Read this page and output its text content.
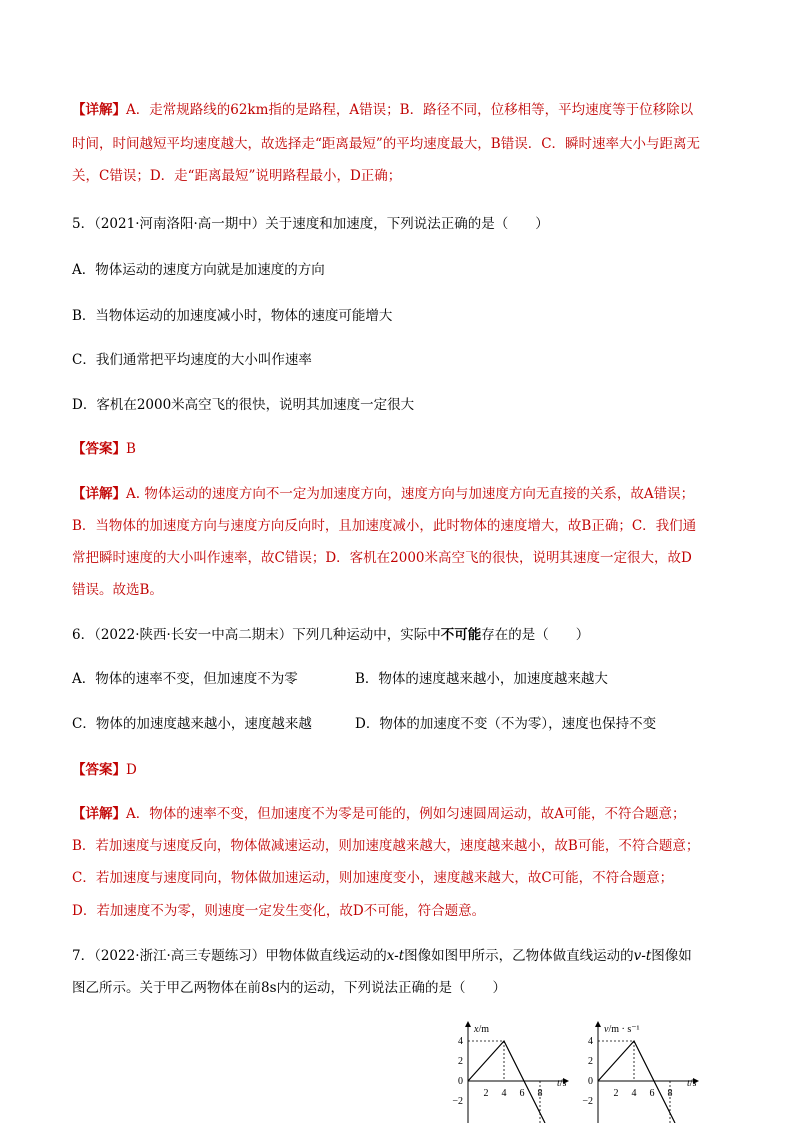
【详解】A．走常规路线的62km指的是路程，A错误；B．路径不同，位移相等，平均速度等于位移除以
时间，时间越短平均速度越大，故选择走“距离最短”的平均速度最大，B错误．C．瞬时速率大小与距离无
关，C错误；D．走“距离最短”说明路程最小，D正确；
5．（2021·河南洛阳·高一期中）关于速度和加速度，下列说法正确的是（　　）
A．物体运动的速度方向就是加速度的方向
B．当物体运动的加速度减小时，物体的速度可能增大
C．我们通常把平均速度的大小叫作速率
D．客机在2000米高空飞的很快，说明其加速度一定很大
【答案】B
【详解】A. 物体运动的速度方向不一定为加速度方向，速度方向与加速度方向无直接的关系，故A错误；
B．当物体的加速度方向与速度方向反向时，且加速度减小，此时物体的速度增大，故B正确；C．我们通
常把瞬时速度的大小叫作速率，故C错误；D．客机在2000米高空飞的很快，说明其速度一定很大，故D
错误。故选B。
6．（2022·陕西·长安一中高二期末）下列几种运动中，实际中不可能存在的是（　　）
A．物体的速率不变，但加速度不为零	B．物体的速度越来越小，加速度越来越大
C．物体的加速度越来越小，速度越来越	D．物体的加速度不变（不为零），速度也保持不变
【答案】D
【详解】A．物体的速率不变，但加速度不为零是可能的，例如匀速圆周运动，故A可能，不符合题意；
B．若加速度与速度反向，物体做减速运动，则加速度越来越大，速度越来越小，故B可能，不符合题意；
C．若加速度与速度同向，物体做加速运动，则加速度变小，速度越来越大，故C可能，不符合题意；
D．若加速度不为零，则速度一定发生变化，故D不可能，符合题意。
7．（2022·浙江·高三专题练习）甲物体做直线运动的x-t图像如图甲所示，乙物体做直线运动的v-t图像如
图乙所示。关于甲乙两物体在前8s内的运动，下列说法正确的是（　　）
x/m
t/s
4
2
0
−2
2 4 6 8
v/m · s⁻¹
t/s
4
2
0
−2
2 4 6 8
